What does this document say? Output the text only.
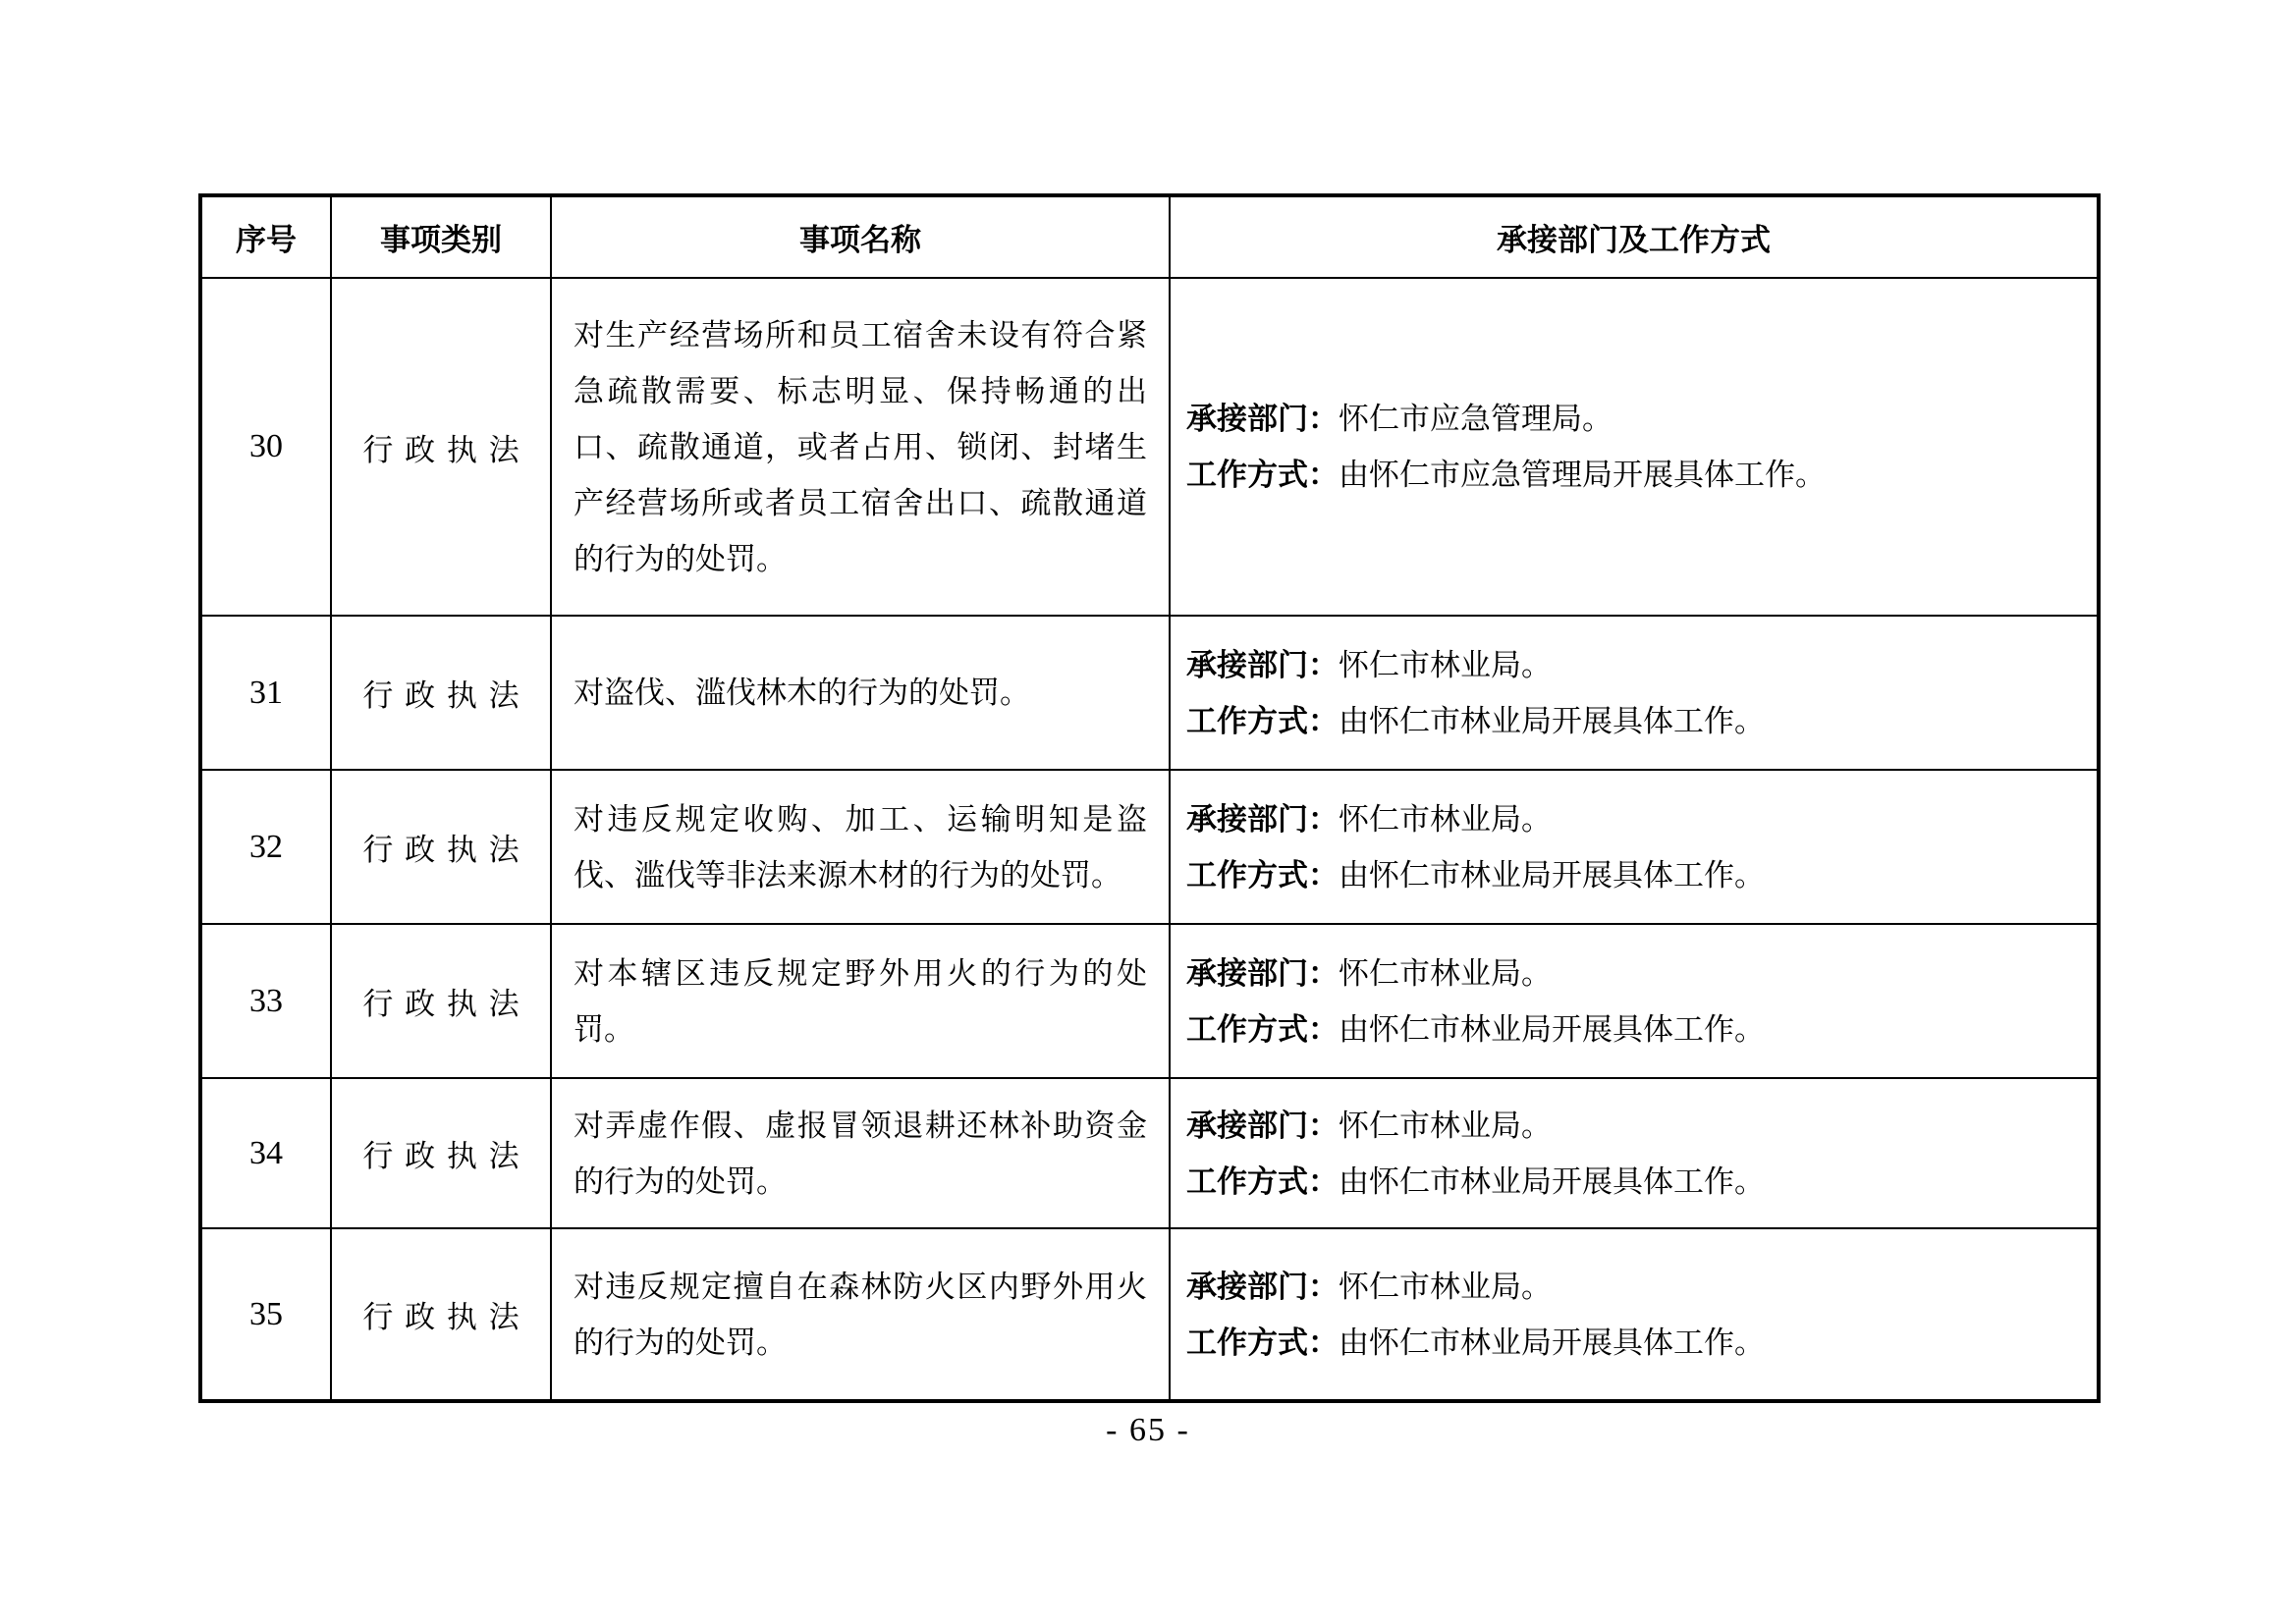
序号	事项类别	事项名称	承接部门及工作方式
30	行政执法	对生产经营场所和员工宿舍未设有符合紧急疏散需要、标志明显、保持畅通的出口、疏散通道，或者占用、锁闭、封堵生产经营场所或者员工宿舍出口、疏散通道的行为的处罚。	承接部门：怀仁市应急管理局。
工作方式：由怀仁市应急管理局开展具体工作。

31	行政执法	对盗伐、滥伐林木的行为的处罚。	承接部门：怀仁市林业局。
工作方式：由怀仁市林业局开展具体工作。

32	行政执法	对违反规定收购、加工、运输明知是盗伐、滥伐等非法来源木材的行为的处罚。	承接部门：怀仁市林业局。
工作方式：由怀仁市林业局开展具体工作。

33	行政执法	对本辖区违反规定野外用火的行为的处罚。	承接部门：怀仁市林业局。
工作方式：由怀仁市林业局开展具体工作。

34	行政执法	对弄虚作假、虚报冒领退耕还林补助资金的行为的处罚。	承接部门：怀仁市林业局。
工作方式：由怀仁市林业局开展具体工作。

35	行政执法	对违反规定擅自在森林防火区内野外用火的行为的处罚。	承接部门：怀仁市林业局。
工作方式：由怀仁市林业局开展具体工作。
- 65 -
